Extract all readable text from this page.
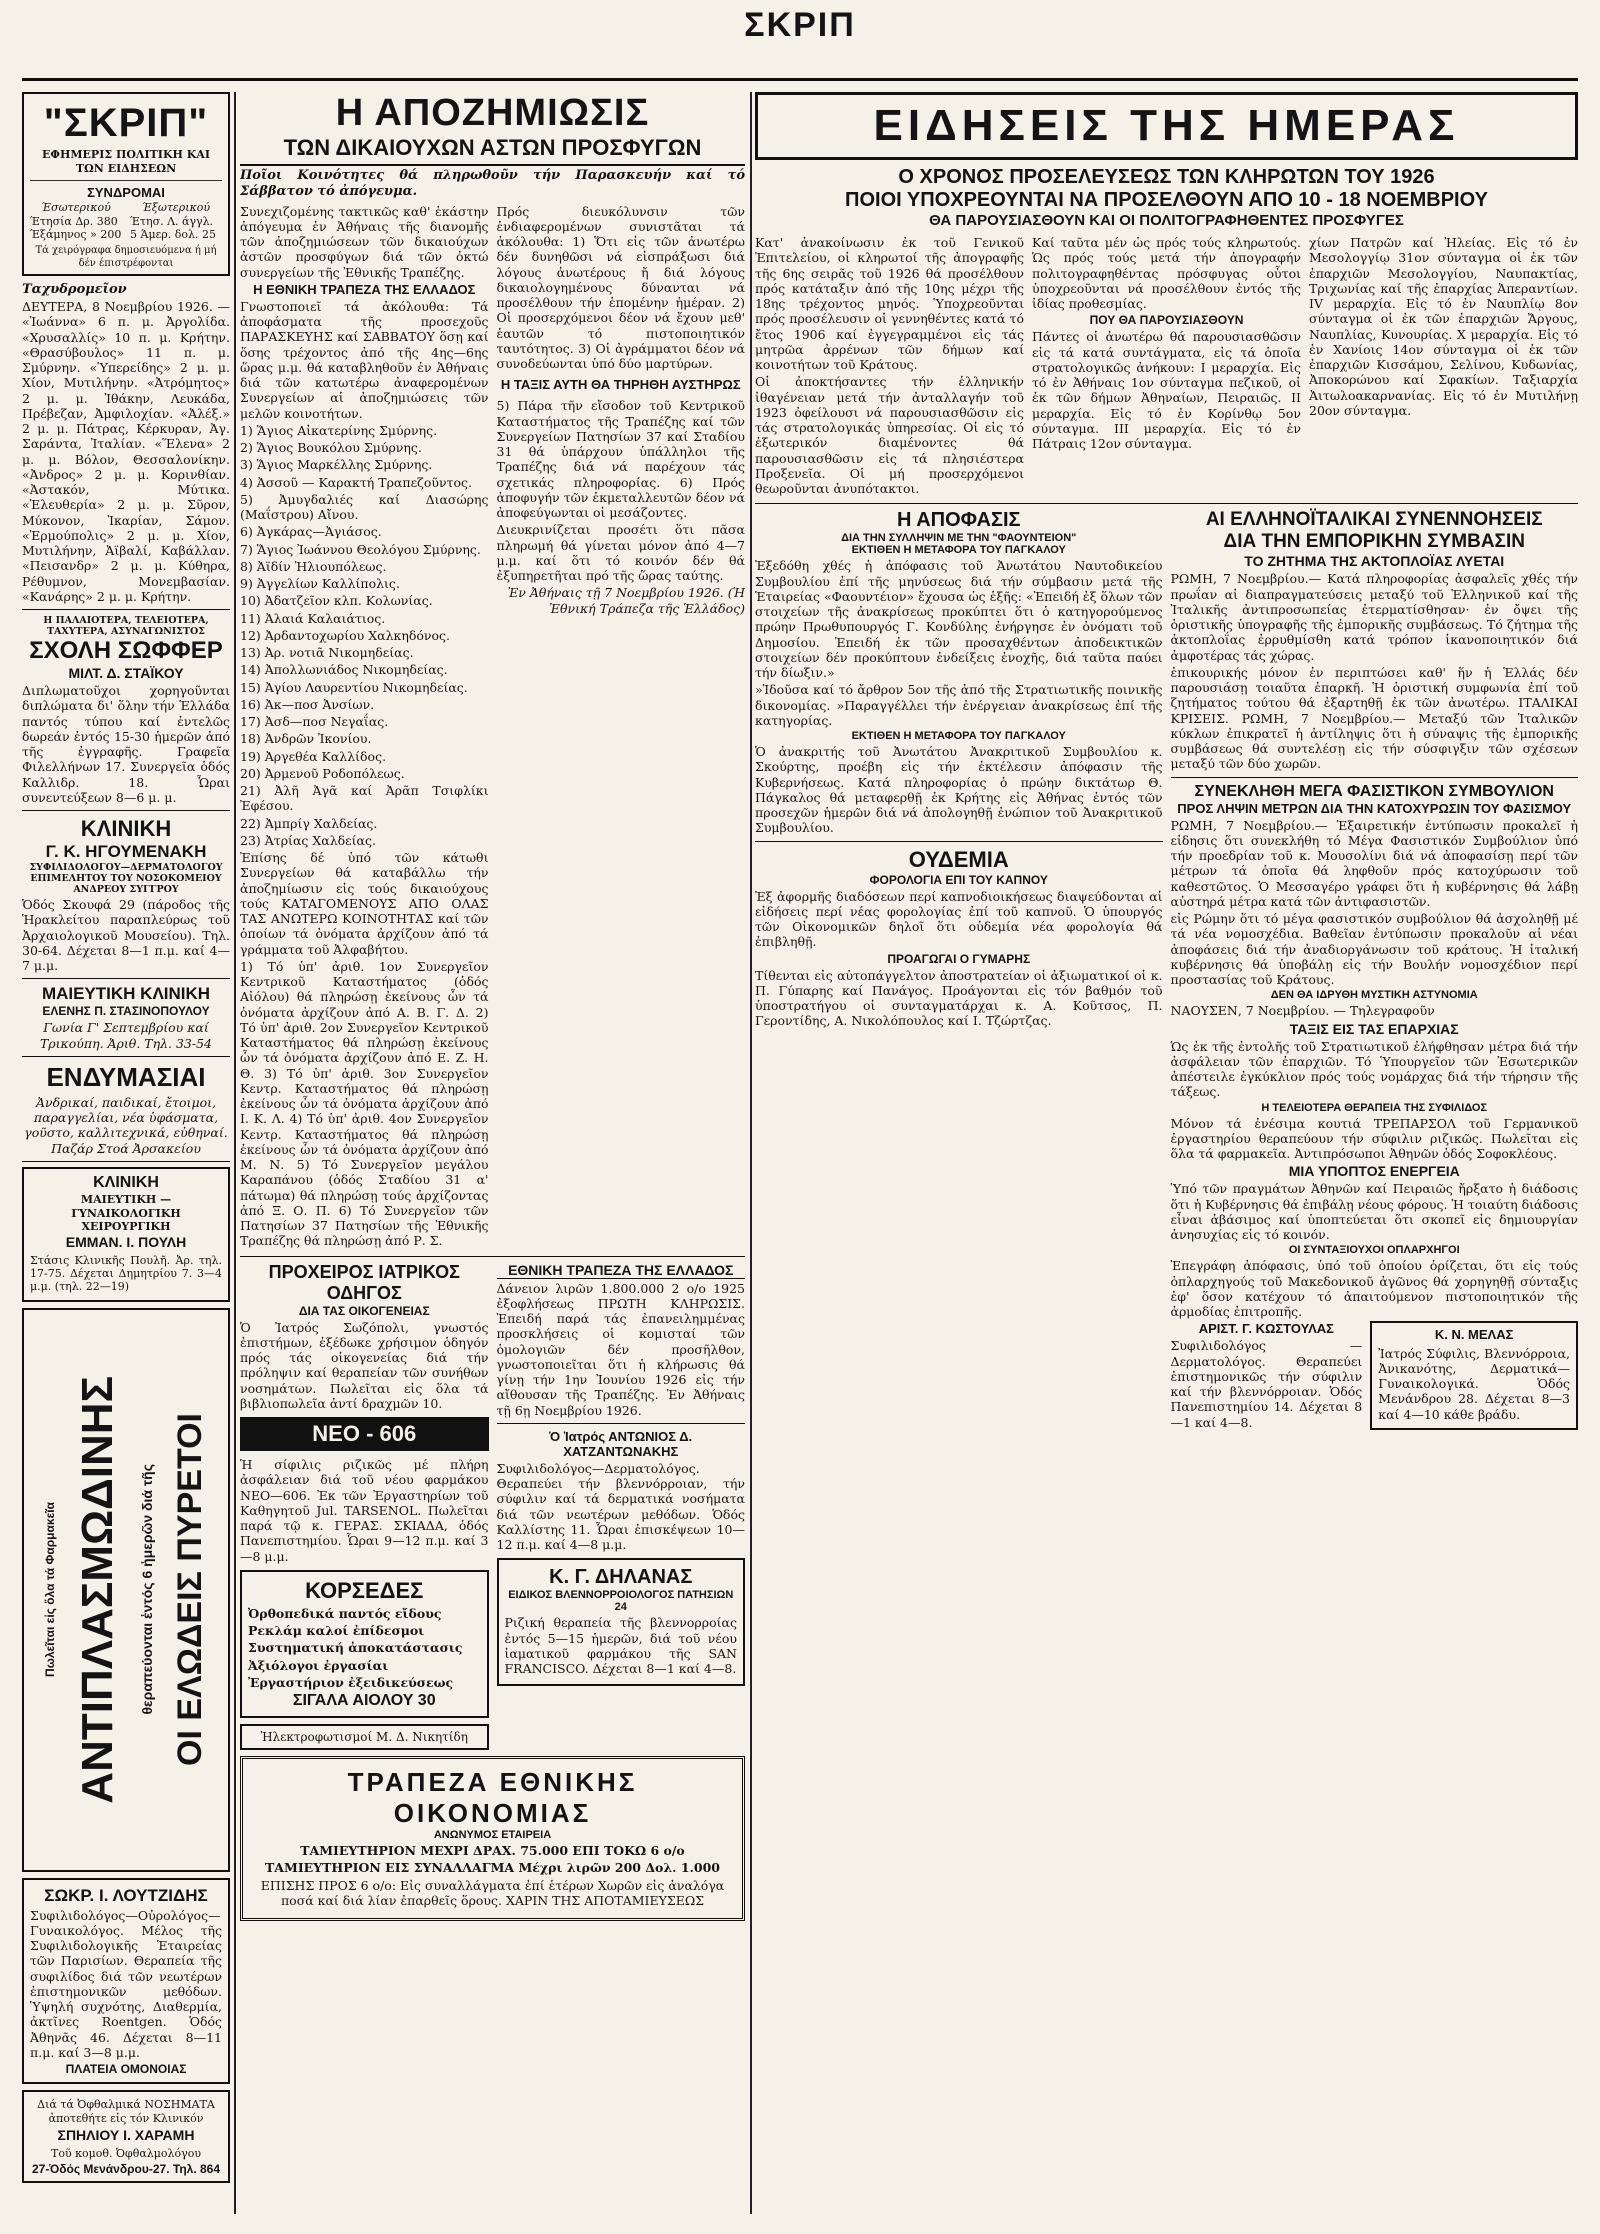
ΣΚΡΙΠ
"ΣΚΡΙΠ"
ΕΦΗΜΕΡΙΣ ΠΟΛΙΤΙΚΗ ΚΑΙ ΤΩΝ ΕΙΔΗΣΕΩΝ
ΣΥΝΔΡΟΜΑΙ
Έσωτερικού
Έτησία Δρ. 380 Έξάμηνος » 200
Έξωτερικού
Έτησ. Λ. άγγλ. 5 Άμερ. δολ. 25
Τά χειρόγραφα δημοσιευόμενα ή μή δέν έπιστρέφονται
Ταχυδρομεῖον
ΔΕΥΤΕΡΑ, 8 Νοεμβρίου 1926. — «Ἰωάννα» 6 π. μ. Ἀργολίδα. «Χρυσαλλίς» 10 π. μ. Κρήτην. «Θρασύβουλος» 11 π. μ. Σμύρνην. «Ὑπερείδης» 2 μ. μ. Χίον, Μυτιλήνην. «Ἀτρόμητος» 2 μ. μ. Ἰθάκην, Λευκάδα, Πρέβεζαν, Ἀμφιλοχίαν. «Ἀλέξ.» 2 μ. μ. Πάτρας, Κέρκυραν, Ἀγ. Σαράντα, Ἰταλίαν. «Ἕλενα» 2 μ. μ. Βόλον, Θεσσαλονίκην. «Ἀνδρος» 2 μ. μ. Κορινθίαν. «Ἀστακόν, Μύτικα. «Ἐλευθερία» 2 μ. μ. Σῦρον, Μύκονον, Ἰκαρίαν, Σάμον. «Ἐρμούπολις» 2 μ. μ. Χίον, Μυτιλήνην, Ἀϊβαλί, Καβάλλαν. «Πεισανδρ» 2 μ. μ. Κύθηρα, Ρέθυμνον, Μονεμβασίαν. «Κανάρης» 2 μ. μ. Κρήτην.
Η ΠΑΛΑΙΟΤΕΡΑ, ΤΕΛΕΙΟΤΕΡΑ, ΤΑΧΥΤΕΡΑ, ΑΣΥΝΑΓΩΝΙΣΤΟΣ
ΣΧΟΛΗ ΣΩΦΦΕΡ
ΜΙΛΤ. Δ. ΣΤΑΪΚΟΥ
Διπλωματοῦχοι χορηγοῦνται διπλώματα δι' ὅλην τήν Ἑλλάδα παντός τύπου καί ἐντελῶς δωρεάν ἐντός 15-30 ἡμερῶν ἀπό τῆς ἐγγραφῆς. Γραφεῖα Φιλελλήνων 17. Συνεργεῖα ὁδός Καλλιδρ. 18. Ὧραι συνεντεύξεων 8—6 μ. μ.
ΚΛΙΝΙΚΗ
Γ. Κ. ΗΓΟΥΜΕΝΑΚΗ
ΣΥΦΙΛΙΔΟΛΟΓΟΥ—ΔΕΡΜΑΤΟΛΟΓΟΥ ΕΠΙΜΕΛΗΤΟΥ ΤΟΥ ΝΟΣΟΚΟΜΕΙΟΥ ΑΝΔΡΕΟΥ ΣΥΓΓΡΟΥ
Ὁδός Σκουφά 29 (πάροδος τῆς Ἡρακλείτου παραπλεύρως τοῦ Ἀρχαιολογικοῦ Μουσείου). Τηλ. 30-64. Δέχεται 8—1 π.μ. καί 4—7 μ.μ.
ΜΑΙΕΥΤΙΚΗ ΚΛΙΝΙΚΗ
ΕΛΕΝΗΣ Π. ΣΤΑΣΙΝΟΠΟΥΛΟΥ
Γωνία Γ' Σεπτεμβρίου καί Τρικούπη. Ἀριθ. Τηλ. 33-54
ΕΝΔΥΜΑΣΙΑΙ
Ἀνδρικαί, παιδικαί, ἔτοιμοι, παραγγελίαι, νέα ὑφάσματα, γοῦστο, καλλιτεχνικά, εὐθηναί. Παζάρ Στοά Ἀρσακείου
ΚΛΙΝΙΚΗ
ΜΑΙΕΥΤΙΚΗ — ΓΥΝΑΙΚΟΛΟΓΙΚΗ ΧΕΙΡΟΥΡΓΙΚΗ
ΕΜΜΑΝ. Ι. ΠΟΥΛΗ
Στάσις Κλινικῆς Πουλῆ. Ἀρ. τηλ. 17-75. Δέχεται Δημητρίου 7. 3—4 μ.μ. (τηλ. 22—19)
Πωλεῖται εἰς ὅλα τά Φαρμακεῖα ΑΝΤΙΠΛΑΣΜΩΔΙΝΗΣ θεραπεύονται ἐντός 6 ἡμερῶν διά τῆς ΟΙ ΕΛΩΔΕΙΣ ΠΥΡΕΤΟΙ
ΣΩΚΡ. Ι. ΛΟΥΤΖΙΔΗΣ
Συφιλιδολόγος—Οὐρολόγος—Γυναικολόγος. Μέλος τῆς Συφιλιδολογικῆς Ἑταιρείας τῶν Παρισίων. Θεραπεία τῆς συφιλίδος διά τῶν νεωτέρων ἐπιστημονικῶν μεθόδων. Ὑψηλή συχνότης, Διαθερμία, ἀκτῖνες Roentgen. Ὁδός Ἀθηνᾶς 46. Δέχεται 8—11 π.μ. καί 3—8 μ.μ.
ΠΛΑΤΕΙΑ ΟΜΟΝΟΙΑΣ
Διά τά Ὀφθαλμικά ΝΟΣΗΜΑΤΑ ἀποτεθήτε εἰς τόν Κλινικόν
ΣΠΗΛΙΟΥ Ι. ΧΑΡΑΜΗ
Τοῦ κομοθ. Ὀφθαλμολόγου
27-Ὁδός Μενάνδρου-27. Τηλ. 864
Η ΑΠΟΖΗΜΙΩΣΙΣ
ΤΩΝ ΔΙΚΑΙΟΥΧΩΝ ΑΣΤΩΝ ΠΡΟΣΦΥΓΩΝ
Ποῖοι Κοινότητες θά πληρωθοῦν τήν Παρασκευήν καί τό Σάββατον τό ἀπόγευμα.
Συνεχιζομένης τακτικῶς καθ' ἑκάστην ἀπόγευμα ἐν Ἀθήναις τῆς διανομῆς τῶν ἀποζημιώσεων τῶν δικαιούχων ἀστῶν προσφύγων διά τῶν ὀκτώ συνεργείων τῆς Ἐθνικῆς Τραπέζης.
Η ΕΘΝΙΚΗ ΤΡΑΠΕΖΑ ΤΗΣ ΕΛΛΑΔΟΣ
Γνωστοποιεῖ τά ἀκόλουθα: Τά ἀποφάσματα τῆς προσεχοῦς ΠΑΡΑΣΚΕΥΗΣ καί ΣΑΒΒΑΤΟΥ ὅσῃ καί ὅσης τρέχοντος ἀπό τῆς 4ης—6ης ὥρας μ.μ. θά καταβληθοῦν ἐν Ἀθήναις διά τῶν κατωτέρω ἀναφερομένων Συνεργείων αἱ ἀποζημιώσεις τῶν μελῶν κοινοτήτων.
1) Ἅγιος Αἰκατερίνης Σμύρνης.
2) Ἅγιος Βουκόλου Σμύρνης.
3) Ἅγιος Μαρκέλλης Σμύρνης.
4) Ἀσσοῦ — Καρακτή Τραπεζοῦντος.
5) Ἀμυγδαλιές καί Διασώρης (Μαΐστρου) Αἴνου.
6) Ἀγκάρας—Ἀγιάσος.
7) Ἅγιος Ἰωάννου Θεολόγου Σμύρνης.
8) Ἀϊδίν Ἠλιουπόλεως.
9) Ἀγγελίων Καλλίπολις.
10) Ἀδατζεῖον κλπ. Κολωνίας.
11) Ἀλαιά Καλαιάτιος.
12) Ἀρδαντοχωρίου Χαλκηδόνος.
13) Ἀρ. νοτιᾶ Νικομηδείας.
14) Ἀπολλωνιάδος Νικομηδείας.
15) Ἀγίου Λαυρεντίου Νικομηδείας.
16) Ἀκ—ποσ Ἀνσίων.
17) Ἀσδ—ποσ Νεγαΐας.
18) Ἀνδρῶν Ἰκονίου.
19) Ἀργεθέα Καλλίδος.
20) Ἀρμενοῦ Ροδοπόλεως.
21) Ἀλῆ Ἀγᾶ καί Ἀρᾶπ Τσιφλίκι Ἐφέσου.
22) Ἀμπρίγ Χαλδείας.
23) Ἀτρίας Χαλδείας.
Ἐπίσης δέ ὑπό τῶν κάτωθι Συνεργείων θά καταβάλλω τήν ἀποζημίωσιν εἰς τούς δικαιούχους τούς ΚΑΤΑΓΟΜΕΝΟΥΣ ΑΠΟ ΟΛΑΣ ΤΑΣ ΑΝΩΤΕΡΩ ΚΟΙΝΟΤΗΤΑΣ καί τῶν ὁποίων τά ὀνόματα ἀρχίζουν ἀπό τά γράμματα τοῦ Ἀλφαβήτου.
1) Τό ὑπ' ἀριθ. 1ον Συνεργεῖον Κεντρικοῦ Καταστήματος (ὁδός Αἰόλου) θά πληρώσῃ ἐκείνους ὧν τά ὀνόματα ἀρχίζουν ἀπό Α. Β. Γ. Δ. 2) Τό ὑπ' ἀριθ. 2ον Συνεργεῖον Κεντρικοῦ Καταστήματος θά πληρώσῃ ἐκείνους ὧν τά ὀνόματα ἀρχίζουν ἀπό Ε. Ζ. Η. Θ. 3) Τό ὑπ' ἀριθ. 3ον Συνεργεῖον Κεντρ. Καταστήματος θά πληρώσῃ ἐκείνους ὧν τά ὀνόματα ἀρχίζουν ἀπό Ι. Κ. Λ. 4) Τό ὑπ' ἀριθ. 4ον Συνεργεῖον Κεντρ. Καταστήματος θά πληρώσῃ ἐκείνους ὧν τά ὀνόματα ἀρχίζουν ἀπό Μ. Ν. 5) Τό Συνεργεῖον μεγάλου Καραπάνου (ὁδός Σταδίου 31 α' πάτωμα) θά πληρώσῃ τούς ἀρχίζοντας ἀπό Ξ. Ο. Π. 6) Τό Συνεργεῖον τῶν Πατησίων 37 Πατησίων τῆς Ἐθνικῆς Τραπέζης θά πληρώσῃ ἀπό Ρ. Σ.
Πρός διευκόλυνσιν τῶν ἐνδιαφερομένων συνιστᾶται τά ἀκόλουθα: 1) Ὅτι εἰς τῶν ἀνωτέρω δέν δυνηθῶσι νά εἰσπράξωσι διά λόγους ἀνωτέρους ἤ διά λόγους δικαιολογημένους δύνανται νά προσέλθουν τήν ἑπομένην ἡμέραν. 2) Οἱ προσερχόμενοι δέον νά ἔχουν μεθ' ἑαυτῶν τό πιστοποιητικόν ταυτότητος. 3) Οἱ ἀγράμματοι δέον νά συνοδεύωνται ὑπό δύο μαρτύρων.
Η ΤΑΞΙΣ ΑΥΤΗ ΘΑ ΤΗΡΗΘΗ ΑΥΣΤΗΡΩΣ
5) Πάρα τῆν εἴσοδον τοῦ Κεντρικοῦ Καταστήματος τῆς Τραπέζης καί τῶν Συνεργείων Πατησίων 37 καί Σταδίου 31 θά ὑπάρχουν ὑπάλληλοι τῆς Τραπέζης διά νά παρέχουν τάς σχετικάς πληροφορίας. 6) Πρός ἀποφυγήν τῶν ἐκμεταλλευτῶν δέον νά ἀποφεύγωνται οἱ μεσάζοντες.
Διευκρινίζεται προσέτι ὅτι πᾶσα πληρωμή θά γίνεται μόνον ἀπό 4—7 μ.μ. καί ὅτι τό κοινόν δέν θά ἐξυπηρετῆται πρό τῆς ὥρας ταύτης.
Ἐν Ἀθήναις τῇ 7 Νοεμβρίου 1926. (Ἡ Ἐθνική Τράπεζα τῆς Ἑλλάδος)
ΠΡΟΧΕΙΡΟΣ ΙΑΤΡΙΚΟΣ ΟΔΗΓΟΣ
ΔΙΑ ΤΑΣ ΟΙΚΟΓΕΝΕΙΑΣ
Ὁ Ἰατρός Σωζόπολι, γνωστός ἐπιστήμων, ἐξέδωκε χρήσιμον ὁδηγόν πρός τάς οἰκογενείας διά τήν πρόληψιν καί θεραπείαν τῶν συνήθων νοσημάτων. Πωλεῖται εἰς ὅλα τά βιβλιοπωλεῖα ἀντί δραχμῶν 10.
ΝΕΟ - 606
Ἡ σίφιλις ριζικῶς μέ πλήρη ἀσφάλειαν διά τοῦ νέου φαρμάκου ΝΕΟ—606. Ἐκ τῶν Ἐργαστηρίων τοῦ Καθηγητοῦ Jul. TARSENOL. Πωλεῖται παρά τῷ κ. ΓΕΡΑΣ. ΣΚΙΑΔΑ, ὁδός Πανεπιστημίου. Ὧραι 9—12 π.μ. καί 3—8 μ.μ.
ΚΟΡΣΕΔΕΣ
Ὀρθοπεδικά παντός εἴδους
Ρεκλάμ καλοί ἐπίδεσμοι
Συστηματική ἀποκατάστασις
Ἀξιόλογοι ἐργασίαι
Ἐργαστήριον ἐξειδικεύσεως
ΣΙΓΑΛΑ ΑΙΟΛΟΥ 30
Ἠλεκτροφωτισμοί Μ. Δ. Νικητίδη
ΕΘΝΙΚΗ ΤΡΑΠΕΖΑ ΤΗΣ ΕΛΛΑΔΟΣ
Δάνειον λιρῶν 1.800.000 2 ο/ο 1925 ἐξοφλήσεως ΠΡΩΤΗ ΚΛΗΡΩΣΙΣ. Ἐπειδή παρά τάς ἐπανειλημμένας προσκλήσεις οἱ κομισταί τῶν ὁμολογιῶν δέν προσῆλθον, γνωστοποιεῖται ὅτι ἡ κλήρωσις θά γίνῃ τήν 1ην Ἰουνίου 1926 εἰς τήν αἴθουσαν τῆς Τραπέζης. Ἐν Ἀθήναις τῇ 6ῃ Νοεμβρίου 1926.
Ὁ Ἰατρός ΑΝΤΩΝΙΟΣ Δ. ΧΑΤΖΑΝΤΩΝΑΚΗΣ
Συφιλιδολόγος—Δερματολόγος. Θεραπεύει τήν βλεννόρροιαν, τήν σύφιλιν καί τά δερματικά νοσήματα διά τῶν νεωτέρων μεθόδων. Ὁδός Καλλίστης 11. Ὧραι ἐπισκέψεων 10—12 π.μ. καί 4—8 μ.μ.
Κ. Γ. ΔΗΛΑΝΑΣ
ΕΙΔΙΚΟΣ ΒΛΕΝΝΟΡΡΟΙΟΛΟΓΟΣ ΠΑΤΗΣΙΩΝ 24
Ριζική θεραπεία τῆς βλεννορροίας ἐντός 5—15 ἡμερῶν, διά τοῦ νέου ἰαματικοῦ φαρμάκου τῆς SAN FRANCISCO. Δέχεται 8—1 καί 4—8.
ΤΡΑΠΕΖΑ ΕΘΝΙΚΗΣ ΟΙΚΟΝΟΜΙΑΣ
ΑΝΩΝΥΜΟΣ ΕΤΑΙΡΕΙΑ
ΤΑΜΙΕΥΤΗΡΙΟΝ ΜΕΧΡΙ ΔΡΑΧ. 75.000 ΕΠΙ ΤΟΚΩ 6 ο/ο
ΤΑΜΙΕΥΤΗΡΙΟΝ ΕΙΣ ΣΥΝΑΛΛΑΓΜΑ Μέχρι λιρῶν 200 Δολ. 1.000
ΕΠΙΣΗΣ ΠΡΟΣ 6 ο/ο: Εἰς συναλλάγματα ἐπί ἑτέρων Χωρῶν εἰς ἀναλόγα ποσά καί διά λίαν ἐπαρθεῖς ὅρους. ΧΑΡΙΝ ΤΗΣ ΑΠΟΤΑΜΙΕΥΣΕΩΣ
ΕΙΔΗΣΕΙΣ ΤΗΣ ΗΜΕΡΑΣ
Ο ΧΡΟΝΟΣ ΠΡΟΣΕΛΕΥΣΕΩΣ ΤΩΝ ΚΛΗΡΩΤΩΝ ΤΟΥ 1926
ΠΟΙΟΙ ΥΠΟΧΡΕΟΥΝΤΑΙ ΝΑ ΠΡΟΣΕΛΘΟΥΝ ΑΠΟ 10 - 18 ΝΟΕΜΒΡΙΟΥ
ΘΑ ΠΑΡΟΥΣΙΑΣΘΟΥΝ ΚΑΙ ΟΙ ΠΟΛΙΤΟΓΡΑΦΗΘΕΝΤΕΣ ΠΡΟΣΦΥΓΕΣ
Κατ' ἀνακοίνωσιν ἐκ τοῦ Γενικοῦ Ἐπιτελείου, οἱ κληρωτοί τῆς ἀπογραφῆς τῆς 6ης σειρᾶς τοῦ 1926 θά προσέλθουν πρός κατάταξιν ἀπό τῆς 10ης μέχρι τῆς 18ης τρέχοντος μηνός. Ὑποχρεοῦνται πρός προσέλευσιν οἱ γεννηθέντες κατά τό ἔτος 1906 καί ἐγγεγραμμένοι εἰς τάς μητρῶα ἀρρένων τῶν δήμων καί κοινοτήτων τοῦ Κράτους.
Οἱ ἀποκτήσαντες τήν ἑλληνικήν ἰθαγένειαν μετά τήν ἀνταλλαγήν τοῦ 1923 ὀφείλουσι νά παρουσιασθῶσιν εἰς τάς στρατολογικάς ὑπηρεσίας. Οἱ εἰς τό ἐξωτερικόν διαμένοντες θά παρουσιασθῶσιν εἰς τά πλησιέστερα Προξενεῖα. Οἱ μή προσερχόμενοι θεωροῦνται ἀνυπότακτοι.
Καί ταῦτα μέν ὡς πρός τούς κληρωτούς. Ὡς πρός τούς μετά τήν ἀπογραφήν πολιτογραφηθέντας πρόσφυγας οὗτοι ὑποχρεοῦνται νά προσέλθουν ἐντός τῆς ἰδίας προθεσμίας.
ΠΟΥ ΘΑ ΠΑΡΟΥΣΙΑΣΘΟΥΝ
Πάντες οἱ ἀνωτέρω θά παρουσιασθῶσιν εἰς τά κατά συντάγματα, εἰς τά ὁποῖα στρατολογικῶς ἀνήκουν: I μεραρχία. Εἰς τό ἐν Ἀθήναις 1ον σύνταγμα πεζικοῦ, οἱ ἐκ τῶν δήμων Ἀθηναίων, Πειραιῶς. II μεραρχία. Εἰς τό ἐν Κορίνθῳ 5ον σύνταγμα. III μεραρχία. Εἰς τό ἐν Πάτραις 12ον σύνταγμα.
χίων Πατρῶν καί Ἠλείας. Εἰς τό ἐν Μεσολογγίῳ 31ον σύνταγμα οἱ ἐκ τῶν ἐπαρχιῶν Μεσολογγίου, Ναυπακτίας, Τριχωνίας καί τῆς ἐπαρχίας Ἀπεραντίων. IV μεραρχία. Εἰς τό ἐν Ναυπλίῳ 8ον σύνταγμα οἱ ἐκ τῶν ἐπαρχιῶν Ἄργους, Ναυπλίας, Κυνουρίας. X μεραρχία. Εἰς τό ἐν Χανίοις 14ον σύνταγμα οἱ ἐκ τῶν ἐπαρχιῶν Κισσάμου, Σελίνου, Κυδωνίας, Ἀποκορώνου καί Σφακίων. Ταξιαρχία Ἀιτωλοακαρνανίας. Εἰς τό ἐν Μυτιλήνῃ 20ον σύνταγμα.
Η ΑΠΟΦΑΣΙΣ
ΔΙΑ ΤΗΝ ΣΥΛΛΗΨΙΝ ΜΕ ΤΗΝ "ΦΑΟΥΝΤΕΙΟΝ"
ΕΚΤΙΘΕΝ Η ΜΕΤΑΦΟΡΑ ΤΟΥ ΠΑΓΚΑΛΟΥ
Ἐξεδόθη χθές ἡ ἀπόφασις τοῦ Ἀνωτάτου Ναυτοδικείου Συμβουλίου ἐπί τῆς μηνύσεως διά τήν σύμβασιν μετά τῆς Ἑταιρείας «Φαουντέιον» ἔχουσα ὡς ἑξῆς: «Ἐπειδή ἐξ ὅλων τῶν στοιχείων τῆς ἀνακρίσεως προκύπτει ὅτι ὁ κατηγορούμενος πρώην Πρωθυπουργός Γ. Κονδύλης ἐνήργησε ἐν ὀνόματι τοῦ Δημοσίου. Ἐπειδή ἐκ τῶν προσαχθέντων ἀποδεικτικῶν στοιχείων δέν προκύπτουν ἐνδείξεις ἐνοχῆς, διά ταῦτα παύει τήν δίωξιν.»
»Ἰδοῦσα καί τό ἄρθρον 5ον τῆς ἀπό τῆς Στρατιωτικῆς ποινικῆς δικονομίας. »Παραγγέλλει τήν ἐνέργειαν ἀνακρίσεως ἐπί τῆς κατηγορίας.
ΕΚΤΙΘΕΝ Η ΜΕΤΑΦΟΡΑ ΤΟΥ ΠΑΓΚΑΛΟΥ
Ὁ ἀνακριτής τοῦ Ἀνωτάτου Ἀνακριτικοῦ Συμβουλίου κ. Σκούρτης, προέβη εἰς τήν ἐκτέλεσιν ἀπόφασιν τῆς Κυβερνήσεως. Κατά πληροφορίας ὁ πρώην δικτάτωρ Θ. Πάγκαλος θά μεταφερθῇ ἐκ Κρήτης εἰς Ἀθήνας ἐντός τῶν προσεχῶν ἡμερῶν διά νά ἀπολογηθῇ ἐνώπιον τοῦ Ἀνακριτικοῦ Συμβουλίου.
ΟΥΔΕΜΙΑ
ΦΟΡΟΛΟΓΙΑ ΕΠΙ ΤΟΥ ΚΑΠΝΟΥ
Ἐξ ἀφορμῆς διαδόσεων περί καπνοδιοικήσεως διαψεύδονται αἱ εἰδήσεις περί νέας φορολογίας ἐπί τοῦ καπνοῦ. Ὁ ὑπουργός τῶν Οἰκονομικῶν δηλοῖ ὅτι οὐδεμία νέα φορολογία θά ἐπιβληθῇ.
ΠΡΟΑΓΩΓΑΙ Ο ΓΥΜΑΡΗΣ
Τίθενται εἰς αὐτοπάγγελτον ἀποστρατείαν οἱ ἀξιωματικοί οἱ κ. Π. Γύπαρης καί Πανάγος. Προάγονται εἰς τόν βαθμόν τοῦ ὑποστρατήγου οἱ συνταγματάρχαι κ. Α. Κοῦτσος, Π. Γεροντίδης, Α. Νικολόπουλος καί Ι. Τζώρτζας.
ΑΙ ΕΛΛΗΝΟΪΤΑΛΙΚΑΙ ΣΥΝΕΝΝΟΗΣΕΙΣ
ΔΙΑ ΤΗΝ ΕΜΠΟΡΙΚΗΝ ΣΥΜΒΑΣΙΝ
ΤΟ ΖΗΤΗΜΑ ΤΗΣ ΑΚΤΟΠΛΟΪΑΣ ΛΥΕΤΑΙ
ΡΩΜΗ, 7 Νοεμβρίου.— Κατά πληροφορίας ἀσφαλεῖς χθές τήν πρωΐαν αἱ διαπραγματεύσεις μεταξύ τοῦ Ἑλληνικοῦ καί τῆς Ἰταλικῆς ἀντιπροσωπείας ἐτερματίσθησαν· ἐν ὄψει τῆς ὁριστικῆς ὑπογραφῆς τῆς ἐμπορικῆς συμβάσεως. Τό ζήτημα τῆς ἀκτοπλοΐας ἐρρυθμίσθη κατά τρόπον ἱκανοποιητικόν διά ἀμφοτέρας τάς χώρας.
ἐπικουρικής μόνον ἐν περιπτώσει καθ' ἥν ἡ Ἑλλάς δέν παρουσιάσῃ τοιαῦτα ἐπαρκῆ. Ἡ ὁριστική συμφωνία ἐπί τοῦ ζητήματος τούτου θά ἐξαρτηθῇ ἐκ τῶν ἀνωτέρω. ΙΤΑΛΙΚΑΙ ΚΡΙΣΕΙΣ. ΡΩΜΗ, 7 Νοεμβρίου.— Μεταξύ τῶν Ἰταλικῶν κύκλων ἐπικρατεῖ ἡ ἀντίληψις ὅτι ἡ σύναψις τῆς ἐμπορικῆς συμβάσεως θά συντελέσῃ εἰς τήν σύσφιγξιν τῶν σχέσεων μεταξύ τῶν δύο χωρῶν.
ΣΥΝΕΚΛΗΘΗ ΜΕΓΑ ΦΑΣΙΣΤΙΚΟΝ ΣΥΜΒΟΥΛΙΟΝ
ΠΡΟΣ ΛΗΨΙΝ ΜΕΤΡΩΝ ΔΙΑ ΤΗΝ ΚΑΤΟΧΥΡΩΣΙΝ ΤΟΥ ΦΑΣΙΣΜΟΥ
ΡΩΜΗ, 7 Νοεμβρίου.— Ἐξαιρετικήν ἐντύπωσιν προκαλεῖ ἡ εἰδησις ὅτι συνεκλήθη τό Μέγα Φασιστικόν Συμβούλιον ὑπό τήν προεδρίαν τοῦ κ. Μουσολίνι διά νά ἀποφασίσῃ περί τῶν μέτρων τά ὁποῖα θά ληφθοῦν πρός κατοχύρωσιν τοῦ καθεστῶτος. Ὁ Μεσσαγέρο γράφει ὅτι ἡ κυβέρνησις θά λάβῃ αὐστηρά μέτρα κατά τῶν ἀντιφασιστῶν.
εἰς Ρώμην ὅτι τό μέγα φασιστικόν συμβούλιον θά ἀσχοληθῇ μέ τά νέα νομοσχέδια. Βαθεῖαν ἐντύπωσιν προκαλοῦν αἱ νέαι ἀποφάσεις διά τήν ἀναδιοργάνωσιν τοῦ κράτους. Ἡ ἰταλική κυβέρνησις θά ὑποβάλῃ εἰς τήν Βουλήν νομοσχέδιον περί προστασίας τοῦ Κράτους.
ΔΕΝ ΘΑ ΙΔΡΥΘΗ ΜΥΣΤΙΚΗ ΑΣΤΥΝΟΜΙΑ
ΝΑΟΥΣΕΝ, 7 Νοεμβρίου. — Τηλεγραφοῦν
ΤΑΞΙΣ ΕΙΣ ΤΑΣ ΕΠΑΡΧΙΑΣ
Ὡς ἐκ τῆς ἐντολῆς τοῦ Στρατιωτικοῦ ἐλήφθησαν μέτρα διά τήν ἀσφάλειαν τῶν ἐπαρχιῶν. Τό Ὑπουργεῖον τῶν Ἐσωτερικῶν ἀπέστειλε ἐγκύκλιον πρός τούς νομάρχας διά τήν τήρησιν τῆς τάξεως.
Η ΤΕΛΕΙΟΤΕΡΑ ΘΕΡΑΠΕΙΑ ΤΗΣ ΣΥΦΙΛΙΔΟΣ
Μόνον τά ἐνέσιμα κουτιά ΤΡΕΠΑΡΣΟΛ τοῦ Γερμανικοῦ ἐργαστηρίου θεραπεύουν τήν σύφιλιν ριζικῶς. Πωλεῖται εἰς ὅλα τά φαρμακεῖα. Ἀντιπρόσωποι Ἀθηνῶν ὁδός Σοφοκλέους.
ΜΙΑ ΥΠΟΠΤΟΣ ΕΝΕΡΓΕΙΑ
Ὑπό τῶν πραγμάτων Ἀθηνῶν καί Πειραιῶς ἤρξατο ἡ διάδοσις ὅτι ἡ Κυβέρνησις θά ἐπιβάλῃ νέους φόρους. Ἡ τοιαύτη διάδοσις εἶναι ἀβάσιμος καί ὑποπτεύεται ὅτι σκοπεῖ εἰς δημιουργίαν ἀνησυχίας εἰς τό κοινόν.
ΟΙ ΣΥΝΤΑΞΙΟΥΧΟΙ ΟΠΛΑΡΧΗΓΟΙ
Ἐπεγράφη ἀπόφασις, ὑπό τοῦ ὁποίου ὁρίζεται, ὅτι εἰς τούς ὁπλαρχηγούς τοῦ Μακεδονικοῦ ἀγῶνος θά χορηγηθῇ σύνταξις ἐφ' ὅσον κατέχουν τό ἀπαιτούμενον πιστοποιητικόν τῆς ἀρμοδίας ἐπιτροπῆς.
ΑΡΙΣΤ. Γ. ΚΩΣΤΟΥΛΑΣ
Συφιλιδολόγος — Δερματολόγος. Θεραπεύει ἐπιστημονικῶς τήν σύφιλιν καί τήν βλεννόρροιαν. Ὁδός Πανεπιστημίου 14. Δέχεται 8—1 καί 4—8.
Κ. Ν. ΜΕΛΑΣ
Ἰατρός Σύφιλις, Βλεννόρροια, Ἀνικανότης, Δερματικά—Γυναικολογικά. Ὁδός Μενάνδρου 28. Δέχεται 8—3 καί 4—10 κάθε βράδυ.
